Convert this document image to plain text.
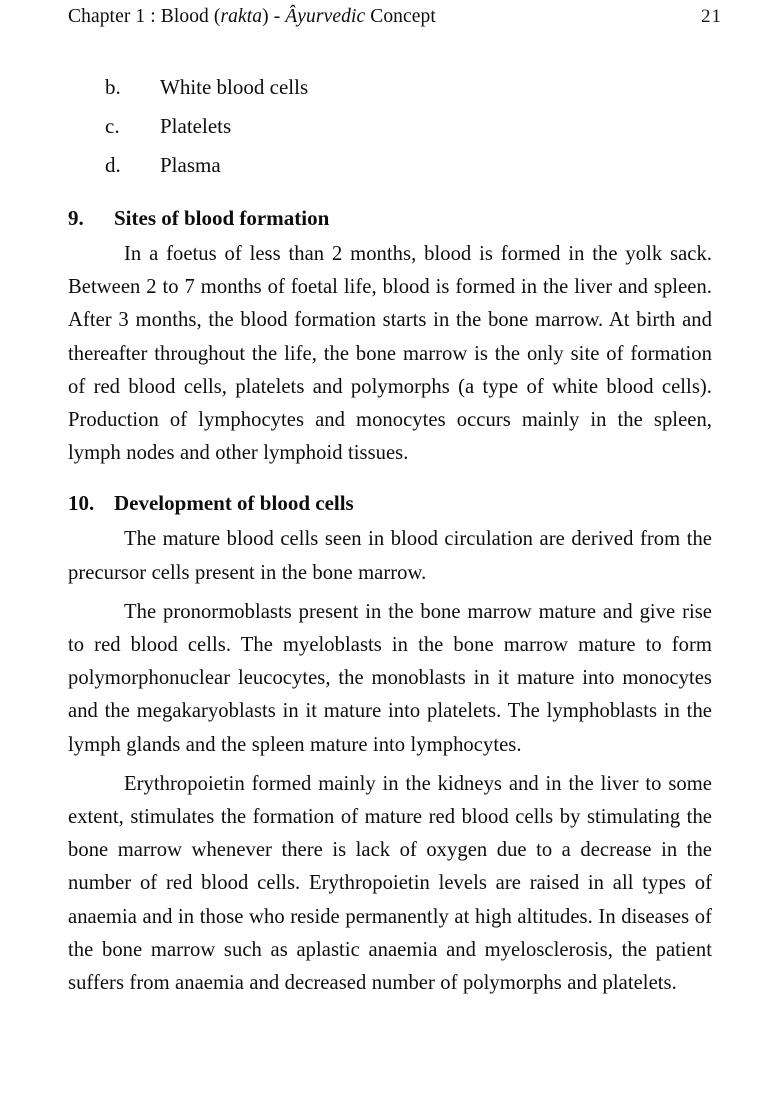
Chapter 1 : Blood (rakta) - Âyurvedic Concept	21
b.	White blood cells
c.	Platelets
d.	Plasma
9.	Sites of blood formation

In a foetus of less than 2 months, blood is formed in the yolk sack. Between 2 to 7 months of foetal life, blood is formed in the liver and spleen. After 3 months, the blood formation starts in the bone marrow. At birth and thereafter throughout the life, the bone marrow is the only site of formation of red blood cells, platelets and polymorphs (a type of white blood cells). Production of lymphocytes and monocytes occurs mainly in the spleen, lymph nodes and other lymphoid tissues.

10. Development of blood cells

The mature blood cells seen in blood circulation are derived from the precursor cells present in the bone marrow.

The pronormoblasts present in the bone marrow mature and give rise to red blood cells. The myeloblasts in the bone marrow mature to form polymorphonuclear leucocytes, the monoblasts in it mature into monocytes and the megakaryoblasts in it mature into platelets. The lymphoblasts in the lymph glands and the spleen mature into lymphocytes.

Erythropoietin formed mainly in the kidneys and in the liver to some extent, stimulates the formation of mature red blood cells by stimulating the bone marrow whenever there is lack of oxygen due to a decrease in the number of red blood cells. Erythropoietin levels are raised in all types of anaemia and in those who reside permanently at high altitudes. In diseases of the bone marrow such as aplastic anaemia and myelosclerosis, the patient suffers from anaemia and decreased number of polymorphs and platelets.
